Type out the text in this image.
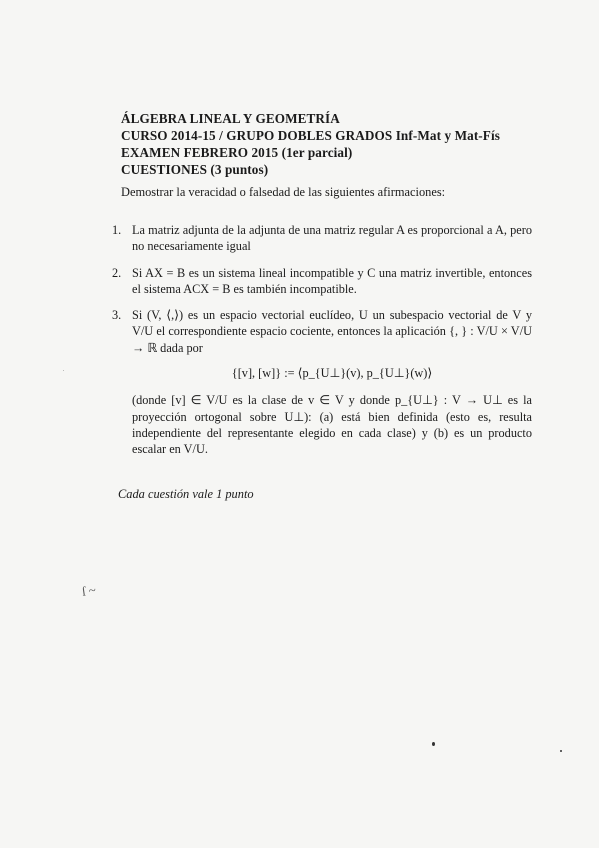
ÁLGEBRA LINEAL Y GEOMETRÍA
CURSO 2014-15 / GRUPO DOBLES GRADOS Inf-Mat y Mat-Fís
EXAMEN FEBRERO 2015 (1er parcial)
CUESTIONES (3 puntos)
Demostrar la veracidad o falsedad de las siguientes afirmaciones:
1. La matriz adjunta de la adjunta de una matriz regular A es proporcional a A, pero no necesariamente igual

2. Si AX = B es un sistema lineal incompatible y C una matriz invertible, entonces el sistema ACX = B es también incompatible.

3. Si (V, ⟨,⟩) es un espacio vectorial euclídeo, U un subespacio vectorial de V y V/U el correspondiente espacio cociente, entonces la aplicación {, } : V/U × V/U → ℝ dada por

{[v], [w]} := ⟨p_{U⊥}(v), p_{U⊥}(w)⟩

(donde [v] ∈ V/U es la clase de v ∈ V y donde p_{U⊥} : V → U⊥ es la proyección ortogonal sobre U⊥): (a) está bien definida (esto es, resulta independiente del representante elegido en cada clase) y (b) es un producto escalar en V/U.

Cada cuestión vale 1 punto
ſ ~
